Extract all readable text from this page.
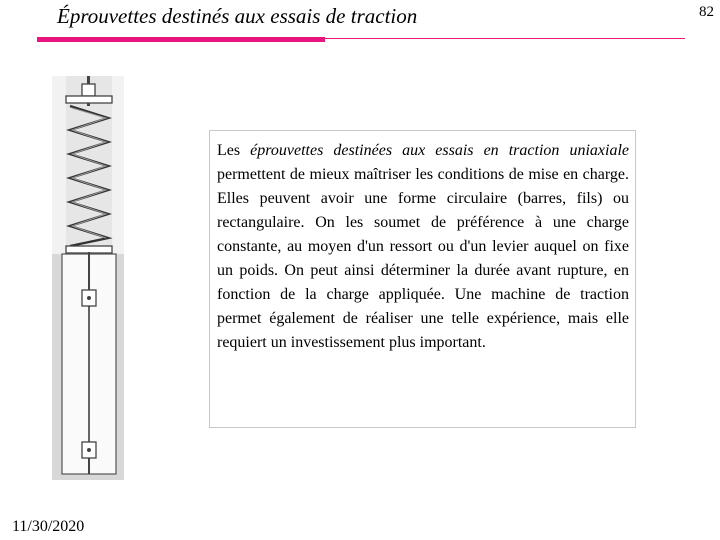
Éprouvettes destinés aux essais de traction	82
Les éprouvettes destinées aux essais en traction uniaxiale permettent de mieux maîtriser les conditions de mise en charge. Elles peuvent avoir une forme circulaire (barres, fils) ou rectangulaire. On les soumet de préférence à une charge constante, au moyen d'un ressort ou d'un levier auquel on fixe un poids. On peut ainsi déterminer la durée avant rupture, en fonction de la charge appliquée. Une machine de traction permet également de réaliser une telle expérience, mais elle requiert un investissement plus important.
11/30/2020
